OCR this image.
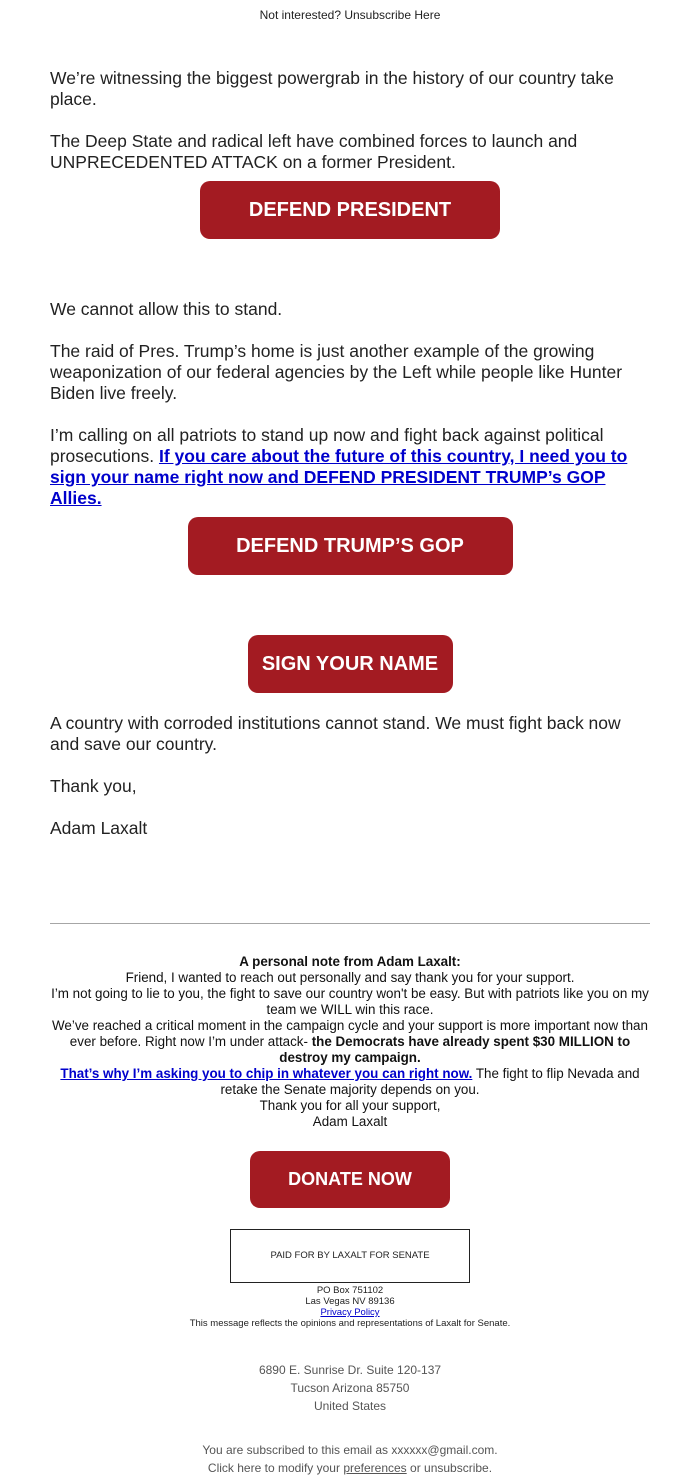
Not interested? Unsubscribe Here

We’re witnessing the biggest powergrab in the history of our country take place.

The Deep State and radical left have combined forces to launch and UNPRECEDENTED ATTACK on a former President.

DEFEND PRESIDENT TRUMP

We cannot allow this to stand.

The raid of Pres. Trump’s home is just another example of the growing weaponization of our federal agencies by the Left while people like Hunter Biden live freely.

I’m calling on all patriots to stand up now and fight back against political prosecutions. If you care about the future of this country, I need you to sign your name right now and DEFEND PRESIDENT TRUMP’s GOP Allies.

DEFEND TRUMP’S GOP ALLIES
SIGN YOUR NAME

A country with corroded institutions cannot stand. We must fight back now and save our country.

Thank you,

Adam Laxalt

A personal note from Adam Laxalt:
Friend, I wanted to reach out personally and say thank you for your support.
I’m not going to lie to you, the fight to save our country won't be easy. But with patriots like you on my team we WILL win this race.
We’ve reached a critical moment in the campaign cycle and your support is more important now than ever before. Right now I’m under attack- the Democrats have already spent $30 MILLION to destroy my campaign.
That’s why I’m asking you to chip in whatever you can right now. The fight to flip Nevada and retake the Senate majority depends on you.
Thank you for all your support,
Adam Laxalt
DONATE NOW
PAID FOR BY LAXALT FOR SENATE
PO Box 751102
Las Vegas NV 89136
Privacy Policy
This message reflects the opinions and representations of Laxalt for Senate.
6890 E. Sunrise Dr. Suite 120-137
Tucson Arizona 85750
United States
You are subscribed to this email as xxxxxx@gmail.com.
Click here to modify your preferences or unsubscribe.
